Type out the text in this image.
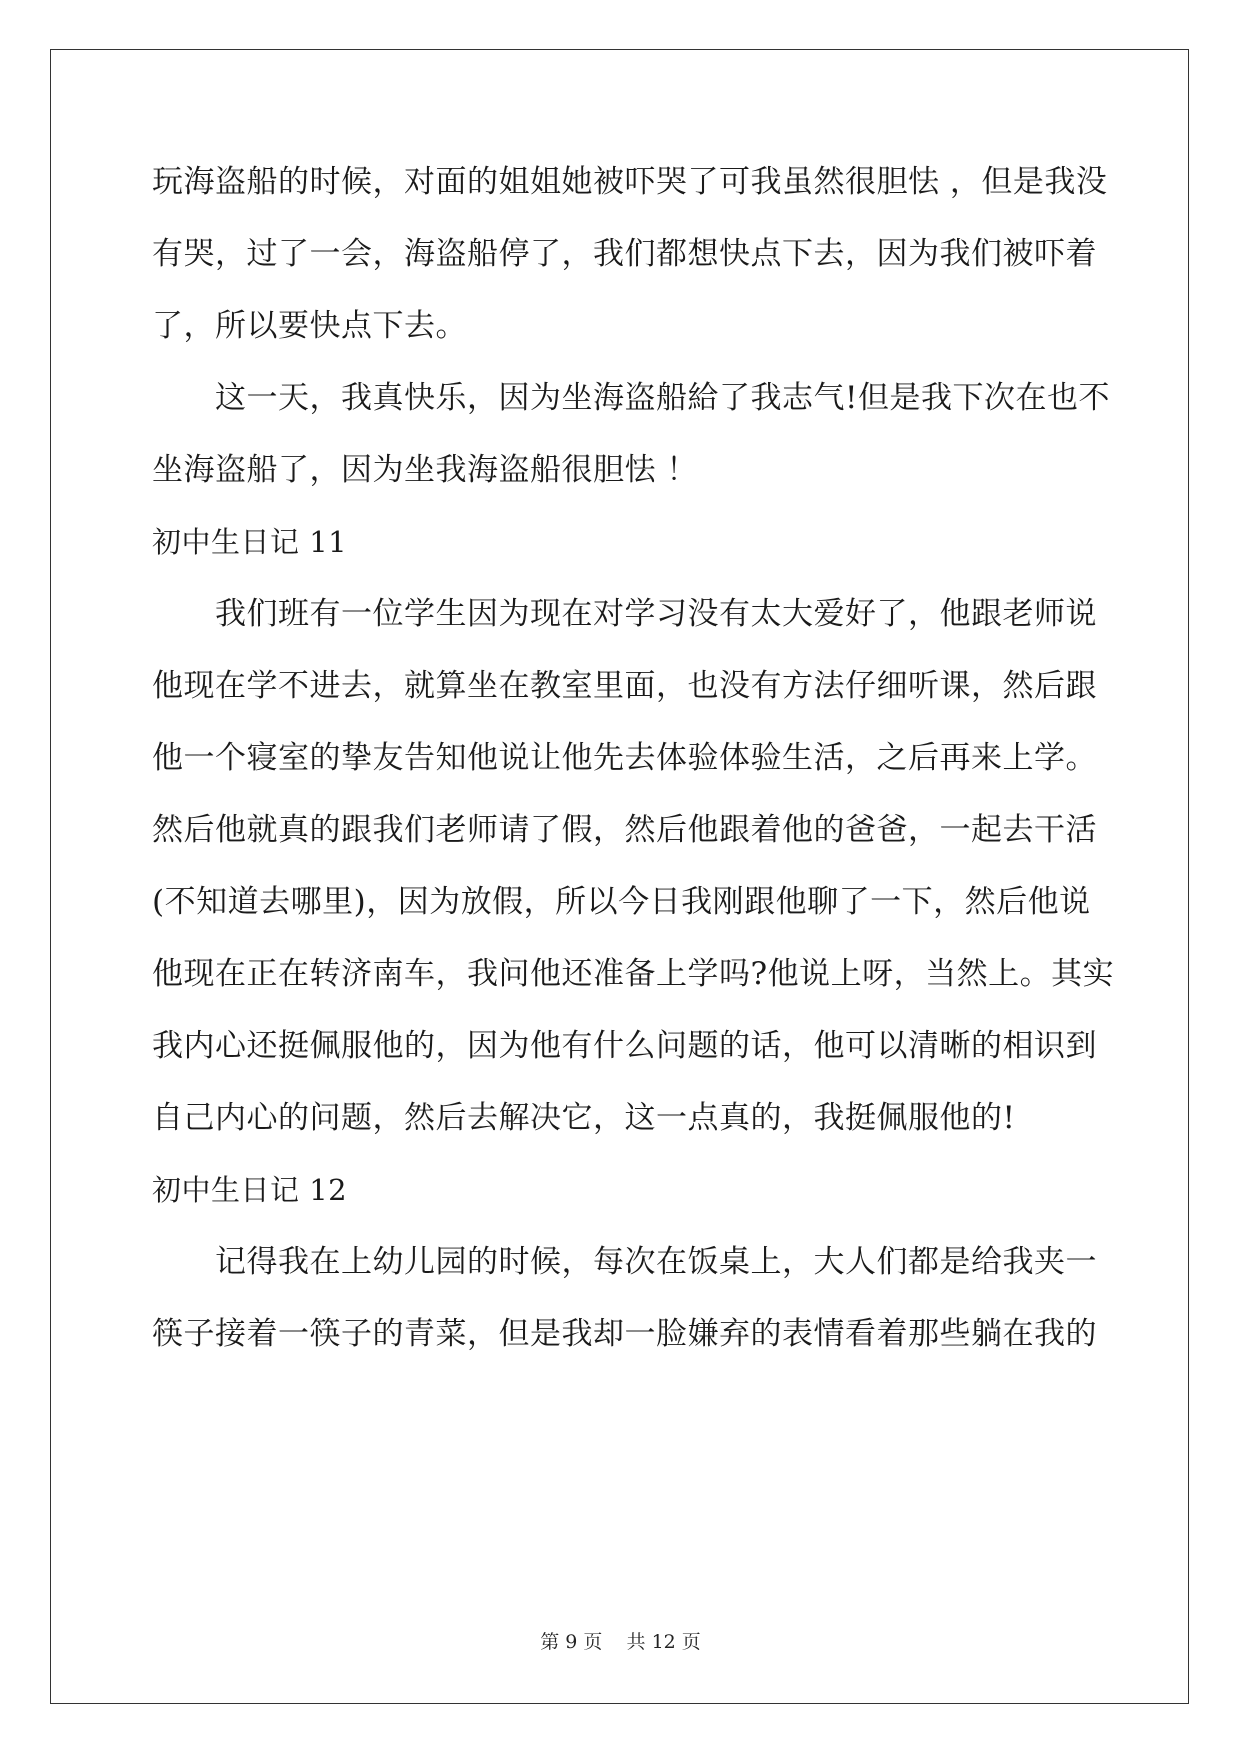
玩海盗船的时候，对面的姐姐她被吓哭了可我虽然很胆怯 ，但是我没
有哭，过了一会，海盗船停了，我们都想快点下去，因为我们被吓着
了，所以要快点下去。
这一天，我真快乐，因为坐海盗船給了我志气!但是我下次在也不
坐海盗船了，因为坐我海盗船很胆怯 ！
初中生日记 11
我们班有一位学生因为现在对学习没有太大爱好了，他跟老师说
他现在学不进去，就算坐在教室里面，也没有方法仔细听课，然后跟
他一个寝室的挚友告知他说让他先去体验体验生活，之后再来上学。
然后他就真的跟我们老师请了假，然后他跟着他的爸爸，一起去干活
(不知道去哪里)，因为放假，所以今日我刚跟他聊了一下，然后他说
他现在正在转济南车，我问他还准备上学吗?他说上呀，当然上。其实
我内心还挺佩服他的，因为他有什么问题的话，他可以清晰的相识到
自己内心的问题，然后去解决它，这一点真的，我挺佩服他的!
初中生日记 12
记得我在上幼儿园的时候，每次在饭桌上，大人们都是给我夹一
筷子接着一筷子的青菜，但是我却一脸嫌弃的表情看着那些躺在我的
第 9 页    共 12 页
